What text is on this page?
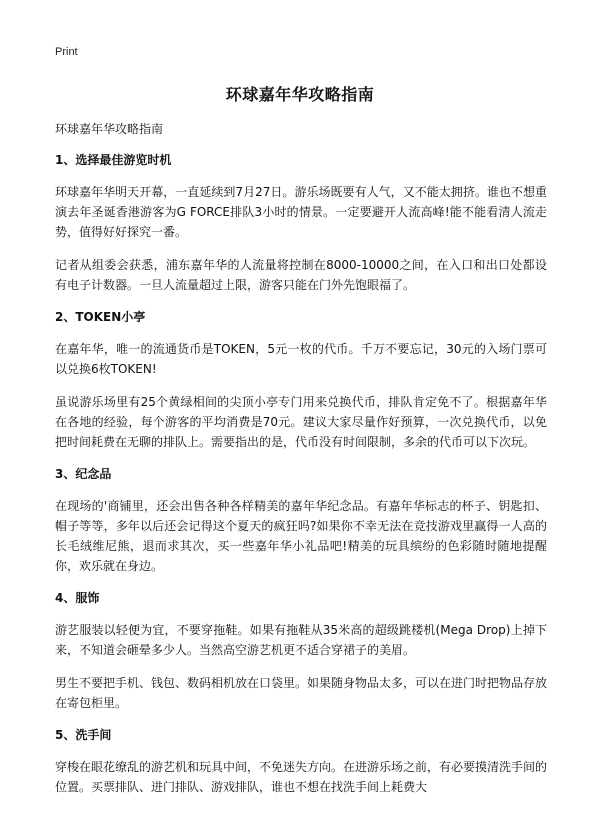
Print
环球嘉年华攻略指南

环球嘉年华攻略指南

1、选择最佳游览时机

环球嘉年华明天开幕，一直延续到7月27日。游乐场既要有人气，又不能太拥挤。谁也不想重演去年圣诞香港游客为G FORCE排队3小时的情景。一定要避开人流高峰!能不能看清人流走势，值得好好探究一番。

记者从组委会获悉，浦东嘉年华的人流量将控制在8000-10000之间，在入口和出口处都设有电子计数器。一旦人流量超过上限，游客只能在门外先饱眼福了。

2、TOKEN小亭

在嘉年华，唯一的流通货币是TOKEN，5元一枚的代币。千万不要忘记，30元的入场门票可以兑换6枚TOKEN!

虽说游乐场里有25个黄绿相间的尖顶小亭专门用来兑换代币，排队肯定免不了。根据嘉年华在各地的经验，每个游客的平均消费是70元。建议大家尽量作好预算，一次兑换代币，以免把时间耗费在无聊的排队上。需要指出的是，代币没有时间限制，多余的代币可以下次玩。

3、纪念品

在现场的'商铺里，还会出售各种各样精美的嘉年华纪念品。有嘉年华标志的杯子、钥匙扣、帽子等等，多年以后还会记得这个夏天的疯狂吗?如果你不幸无法在竞技游戏里赢得一人高的长毛绒维尼熊，退而求其次，买一些嘉年华小礼品吧!精美的玩具缤纷的色彩随时随地提醒你，欢乐就在身边。

4、服饰

游艺服装以轻便为宜，不要穿拖鞋。如果有拖鞋从35米高的超级跳楼机(Mega Drop)上掉下来，不知道会砸晕多少人。当然高空游艺机更不适合穿裙子的美眉。

男生不要把手机、钱包、数码相机放在口袋里。如果随身物品太多，可以在进门时把物品存放在寄包柜里。

5、洗手间

穿梭在眼花缭乱的游艺机和玩具中间，不免迷失方向。在进游乐场之前，有必要摸清洗手间的位置。买票排队、进门排队、游戏排队，谁也不想在找洗手间上耗费大
